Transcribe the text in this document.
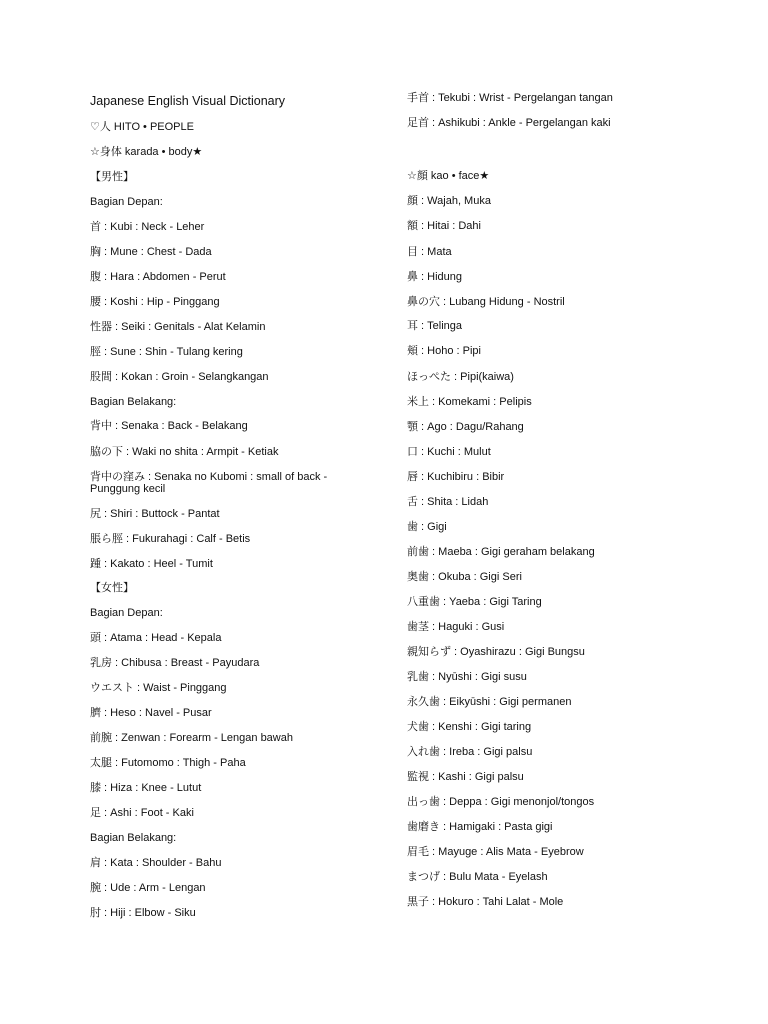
Japanese English Visual Dictionary
♡人 HITO • PEOPLE
☆身体 karada • body★
【男性】
Bagian Depan:
首 : Kubi : Neck - Leher
胸 : Mune : Chest - Dada
腹 : Hara : Abdomen - Perut
腰 : Koshi : Hip - Pinggang
性器 : Seiki : Genitals - Alat Kelamin
脛 : Sune : Shin - Tulang kering
股間 : Kokan : Groin - Selangkangan
Bagian Belakang:
背中 : Senaka : Back - Belakang
脇の下 : Waki no shita : Armpit - Ketiak
背中の窪み : Senaka no Kubomi : small of back - Punggung kecil
尻 : Shiri : Buttock - Pantat
脹ら脛 : Fukurahagi : Calf - Betis
踵 : Kakato : Heel - Tumit
【女性】
Bagian Depan:
頭 : Atama : Head - Kepala
乳房 : Chibusa : Breast - Payudara
ウエスト : Waist - Pinggang
臍 : Heso : Navel - Pusar
前腕 : Zenwan : Forearm - Lengan bawah
太腿 : Futomomo : Thigh - Paha
膝 : Hiza : Knee - Lutut
足 : Ashi : Foot - Kaki
Bagian Belakang:
肩 : Kata : Shoulder - Bahu
腕 : Ude : Arm - Lengan
肘 : Hiji : Elbow - Siku
手首 : Tekubi : Wrist - Pergelangan tangan
足首 : Ashikubi : Ankle - Pergelangan kaki
☆顔 kao • face★
顔 : Wajah, Muka
額 : Hitai : Dahi
目 : Mata
鼻 : Hidung
鼻の穴 : Lubang Hidung - Nostril
耳 : Telinga
頬 : Hoho : Pipi
ほっぺた : Pipi(kaiwa)
米上 : Komekami : Pelipis
顎 : Ago : Dagu/Rahang
口 : Kuchi : Mulut
唇 : Kuchibiru : Bibir
舌 : Shita : Lidah
歯 : Gigi
前歯 : Maeba : Gigi geraham belakang
奥歯 : Okuba : Gigi Seri
八重歯 : Yaeba : Gigi Taring
歯茎 : Haguki : Gusi
親知らず : Oyashirazu : Gigi Bungsu
乳歯 : Nyūshi : Gigi susu
永久歯 : Eikyūshi : Gigi permanen
犬歯 : Kenshi : Gigi taring
入れ歯 : Ireba : Gigi palsu
監視 : Kashi : Gigi palsu
出っ歯 : Deppa : Gigi menonjol/tongos
歯磨き : Hamigaki : Pasta gigi
眉毛 : Mayuge : Alis Mata - Eyebrow
まつげ : Bulu Mata - Eyelash
黒子 : Hokuro : Tahi Lalat - Mole
